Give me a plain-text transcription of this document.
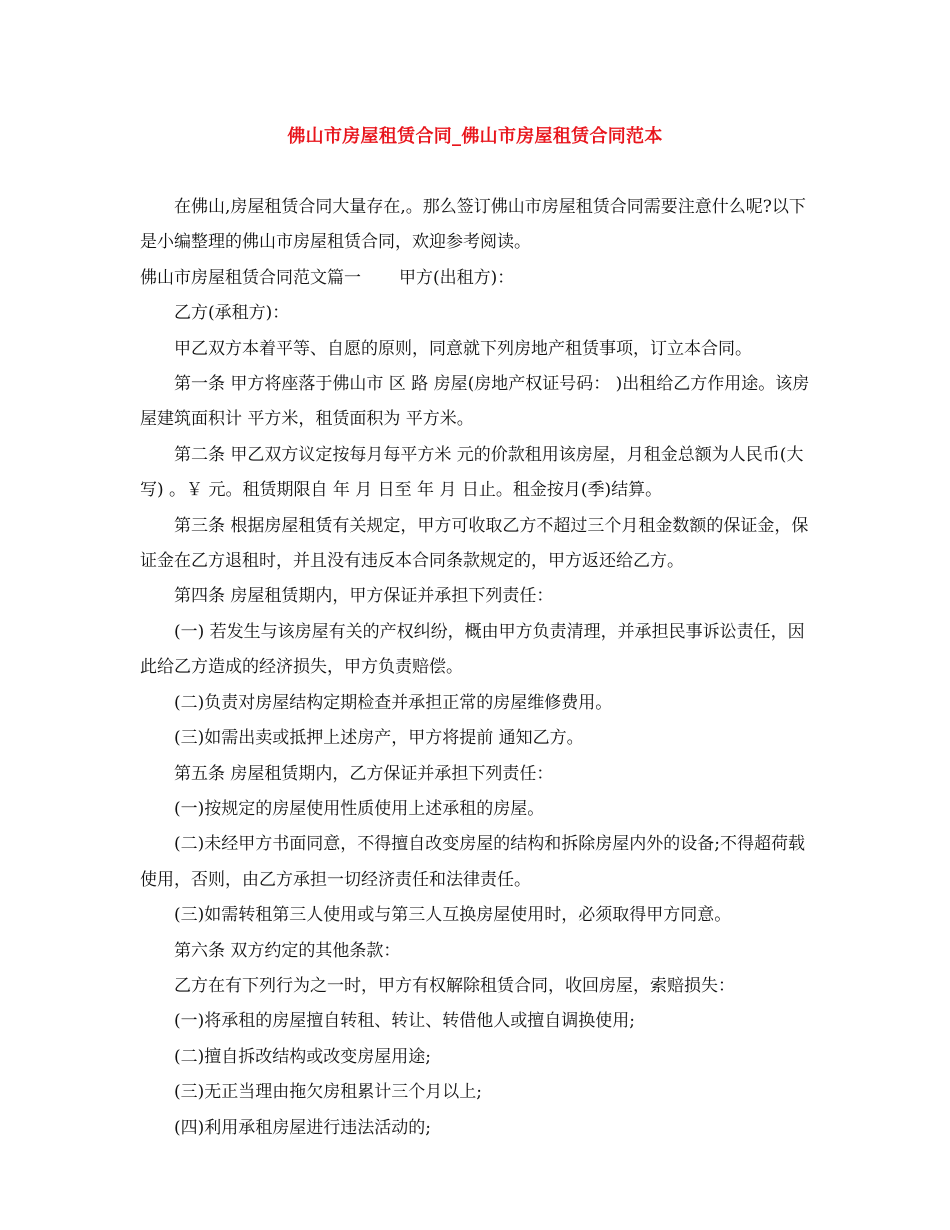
佛山市房屋租赁合同_佛山市房屋租赁合同范本

在佛山,房屋租赁合同大量存在,。那么签订佛山市房屋租赁合同需要注意什么呢?以下是小编整理的佛山市房屋租赁合同，欢迎参考阅读。

佛山市房屋租赁合同范文篇一 甲方(出租方)：

乙方(承租方)：

甲乙双方本着平等、自愿的原则，同意就下列房地产租赁事项，订立本合同。

第一条 甲方将座落于佛山市 区 路 房屋(房地产权证号码： )出租给乙方作用途。该房屋建筑面积计 平方米，租赁面积为 平方米。

第二条 甲乙双方议定按每月每平方米 元的价款租用该房屋，月租金总额为人民币(大写) 。￥ 元。租赁期限自 年 月 日至 年 月 日止。租金按月(季)结算。

第三条 根据房屋租赁有关规定，甲方可收取乙方不超过三个月租金数额的保证金，保证金在乙方退租时，并且没有违反本合同条款规定的，甲方返还给乙方。

第四条 房屋租赁期内，甲方保证并承担下列责任：

(一) 若发生与该房屋有关的产权纠纷，概由甲方负责清理，并承担民事诉讼责任，因此给乙方造成的经济损失，甲方负责赔偿。

(二)负责对房屋结构定期检查并承担正常的房屋维修费用。

(三)如需出卖或抵押上述房产，甲方将提前 通知乙方。

第五条 房屋租赁期内，乙方保证并承担下列责任：

(一)按规定的房屋使用性质使用上述承租的房屋。

(二)未经甲方书面同意，不得擅自改变房屋的结构和拆除房屋内外的设备;不得超荷载使用，否则，由乙方承担一切经济责任和法律责任。

(三)如需转租第三人使用或与第三人互换房屋使用时，必须取得甲方同意。

第六条 双方约定的其他条款：

乙方在有下列行为之一时，甲方有权解除租赁合同，收回房屋，索赔损失：

(一)将承租的房屋擅自转租、转让、转借他人或擅自调换使用;

(二)擅自拆改结构或改变房屋用途;

(三)无正当理由拖欠房租累计三个月以上;

(四)利用承租房屋进行违法活动的;
